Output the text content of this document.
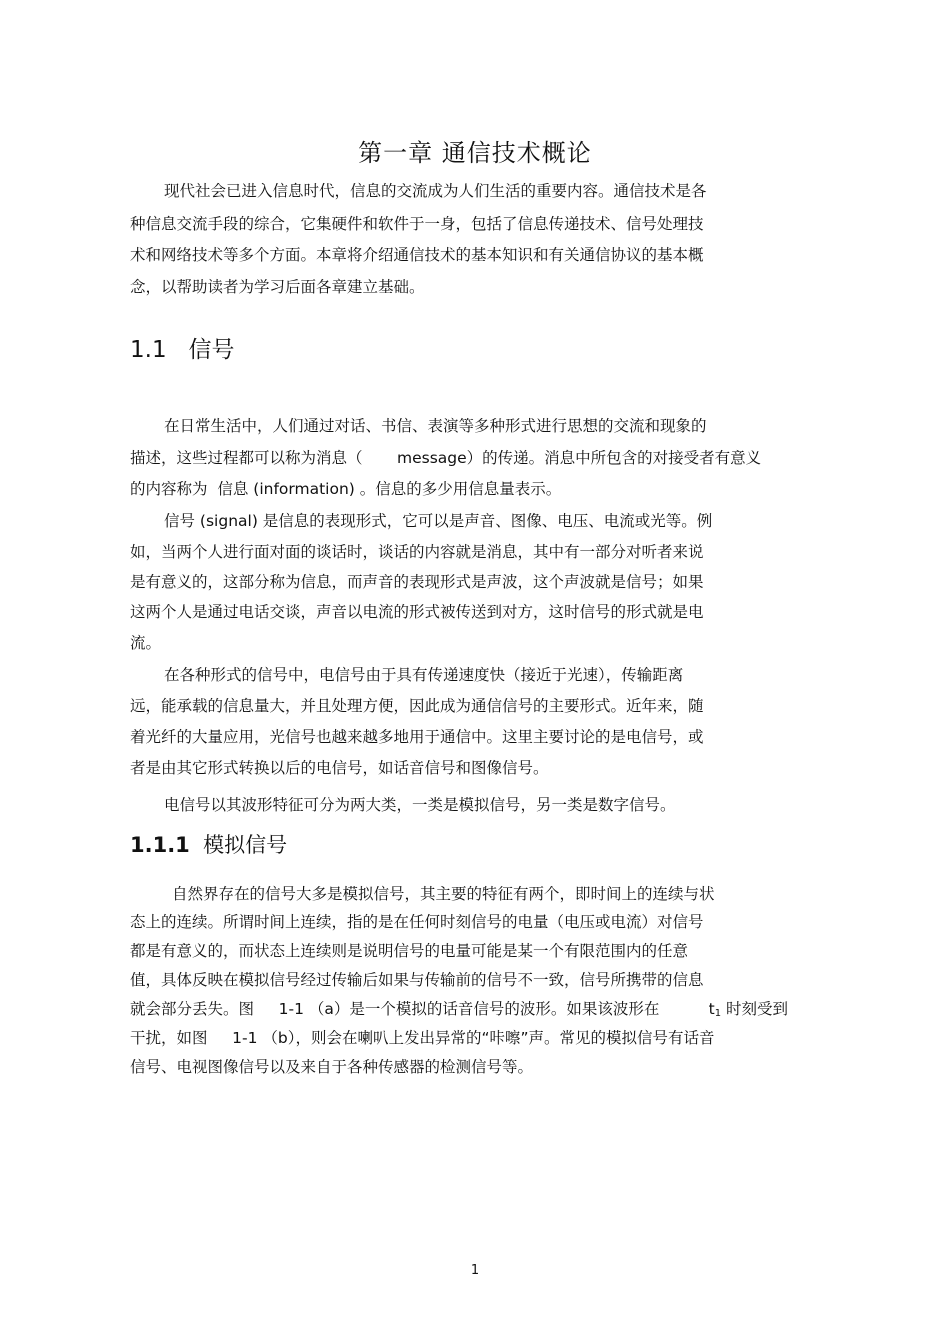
第一章 通信技术概论
现代社会已进入信息时代，信息的交流成为人们生活的重要内容。通信技术是各
种信息交流手段的综合，它集硬件和软件于一身，包括了信息传递技术、信号处理技
术和网络技术等多个方面。本章将介绍通信技术的基本知识和有关通信协议的基本概
念，以帮助读者为学习后面各章建立基础。
1.1 信号
在日常生活中，人们通过对话、书信、表演等多种形式进行思想的交流和现象的
描述，这些过程都可以称为消息（       message）的传递。消息中所包含的对接受者有意义
的内容称为  信息 (information) 。信息的多少用信息量表示。
信号 (signal) 是信息的表现形式，它可以是声音、图像、电压、电流或光等。例
如，当两个人进行面对面的谈话时，谈话的内容就是消息，其中有一部分对听者来说
是有意义的，这部分称为信息，而声音的表现形式是声波，这个声波就是信号；如果
这两个人是通过电话交谈，声音以电流的形式被传送到对方，这时信号的形式就是电
流。
在各种形式的信号中，电信号由于具有传递速度快（接近于光速），传输距离
远，能承载的信息量大，并且处理方便，因此成为通信信号的主要形式。近年来，随
着光纤的大量应用，光信号也越来越多地用于通信中。这里主要讨论的是电信号，或
者是由其它形式转换以后的电信号，如话音信号和图像信号。
电信号以其波形特征可分为两大类，一类是模拟信号，另一类是数字信号。
1.1.1 模拟信号
自然界存在的信号大多是模拟信号，其主要的特征有两个，即时间上的连续与状
态上的连续。所谓时间上连续，指的是在任何时刻信号的电量（电压或电流）对信号
都是有意义的，而状态上连续则是说明信号的电量可能是某一个有限范围内的任意
值，具体反映在模拟信号经过传输后如果与传输前的信号不一致，信号所携带的信息
就会部分丢失。图     1-1 （a）是一个模拟的话音信号的波形。如果该波形在          $t_1$ 时刻受到
干扰，如图     1-1 （b），则会在喇叭上发出异常的“咔嚓”声。常见的模拟信号有话音
信号、电视图像信号以及来自于各种传感器的检测信号等。
1
